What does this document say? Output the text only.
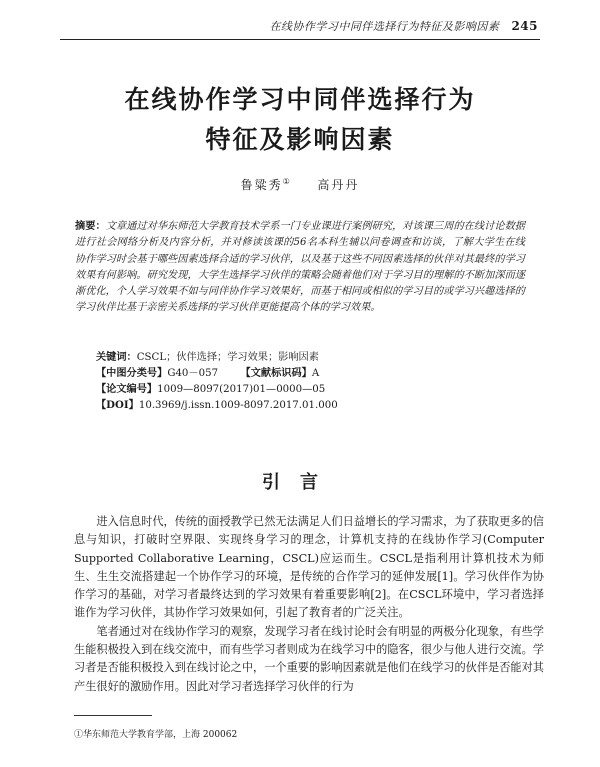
在线协作学习中同伴选择行为特征及影响因素 245
在线协作学习中同伴选择行为
特征及影响因素
鲁粱秀① 高丹丹
摘要：文章通过对华东师范大学教育技术学系一门专业课进行案例研究，对该课三周的在线讨论数据进行社会网络分析及内容分析，并对修读该课的56名本科生辅以问卷调查和访谈，了解大学生在线协作学习时会基于哪些因素选择合适的学习伙伴，以及基于这些不同因素选择的伙伴对其最终的学习效果有何影响。研究发现，大学生选择学习伙伴的策略会随着他们对于学习目的理解的不断加深而逐渐优化，个人学习效果不如与同伴协作学习效果好，而基于相同或相似的学习目的或学习兴趣选择的学习伙伴比基于亲密关系选择的学习伙伴更能提高个体的学习效果。
关键词：CSCL；伙伴选择；学习效果；影响因素
【中图分类号】G40－057 【文献标识码】A
【论文编号】1009—8097(2017)01—0000—05
【DOI】10.3969/j.issn.1009-8097.2017.01.000
引言

进入信息时代，传统的面授教学已然无法满足人们日益增长的学习需求，为了获取更多的信息与知识，打破时空界限、实现终身学习的理念，计算机支持的在线协作学习(Computer Supported Collaborative Learning，CSCL)应运而生。CSCL是指利用计算机技术为师生、生生交流搭建起一个协作学习的环境，是传统的合作学习的延伸发展[1]。学习伙伴作为协作学习的基础，对学习者最终达到的学习效果有着重要影响[2]。在CSCL环境中，学习者选择谁作为学习伙伴，其协作学习效果如何，引起了教育者的广泛关注。

笔者通过对在线协作学习的观察，发现学习者在线讨论时会有明显的两极分化现象，有些学生能积极投入到在线交流中，而有些学习者则成为在线学习中的隐客，很少与他人进行交流。学习者是否能积极投入到在线讨论之中，一个重要的影响因素就是他们在线学习的伙伴是否能对其产生很好的激励作用。因此对学习者选择学习伙伴的行为

①华东师范大学教育学部，上海 200062
